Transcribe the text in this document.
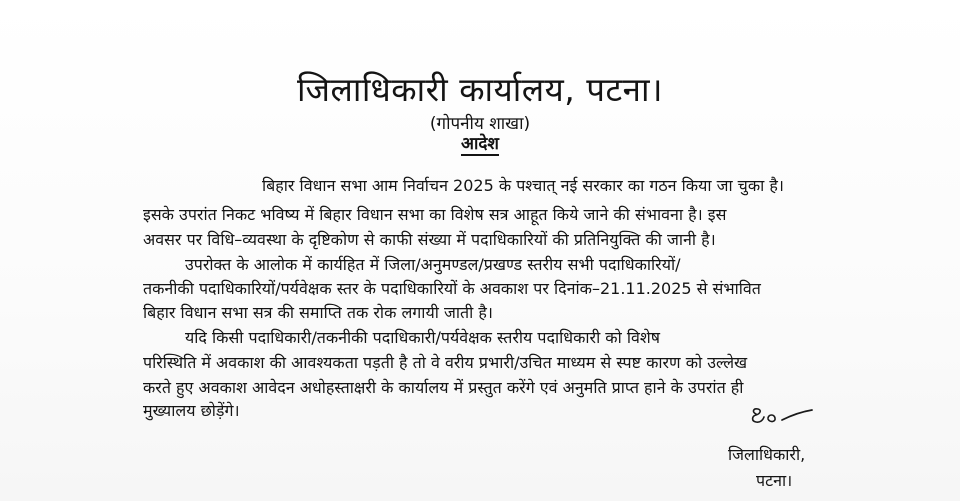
जिलाधिकारी कार्यालय, पटना।
(गोपनीय शाखा)
आदेश
बिहार विधान सभा आम निर्वाचन 2025 के पश्चात् नई सरकार का गठन किया जा चुका है।
इसके उपरांत निकट भविष्य में बिहार विधान सभा का विशेष सत्र आहूत किये जाने की संभावना है। इस
अवसर पर विधि–व्यवस्था के दृष्टिकोण से काफी संख्या में पदाधिकारियों की प्रतिनियुक्ति की जानी है।
उपरोक्त के आलोक में कार्यहित में जिला/अनुमण्डल/प्रखण्ड स्तरीय सभी पदाधिकारियों/
तकनीकी पदाधिकारियों/पर्यवेक्षक स्तर के पदाधिकारियों के अवकाश पर दिनांक–21.11.2025 से संभावित
बिहार विधान सभा सत्र की समाप्ति तक रोक लगायी जाती है।
यदि किसी पदाधिकारी/तकनीकी पदाधिकारी/पर्यवेक्षक स्तरीय पदाधिकारी को विशेष
परिस्थिति में अवकाश की आवश्यकता पड़ती है तो वे वरीय प्रभारी/उचित माध्यम से स्पष्ट कारण को उल्लेख
करते हुए अवकाश आवेदन अधोहस्ताक्षरी के कार्यालय में प्रस्तुत करेंगे एवं अनुमति प्राप्त हाने के उपरांत ही
मुख्यालय छोड़ेंगे।
जिलाधिकारी,
पटना।
